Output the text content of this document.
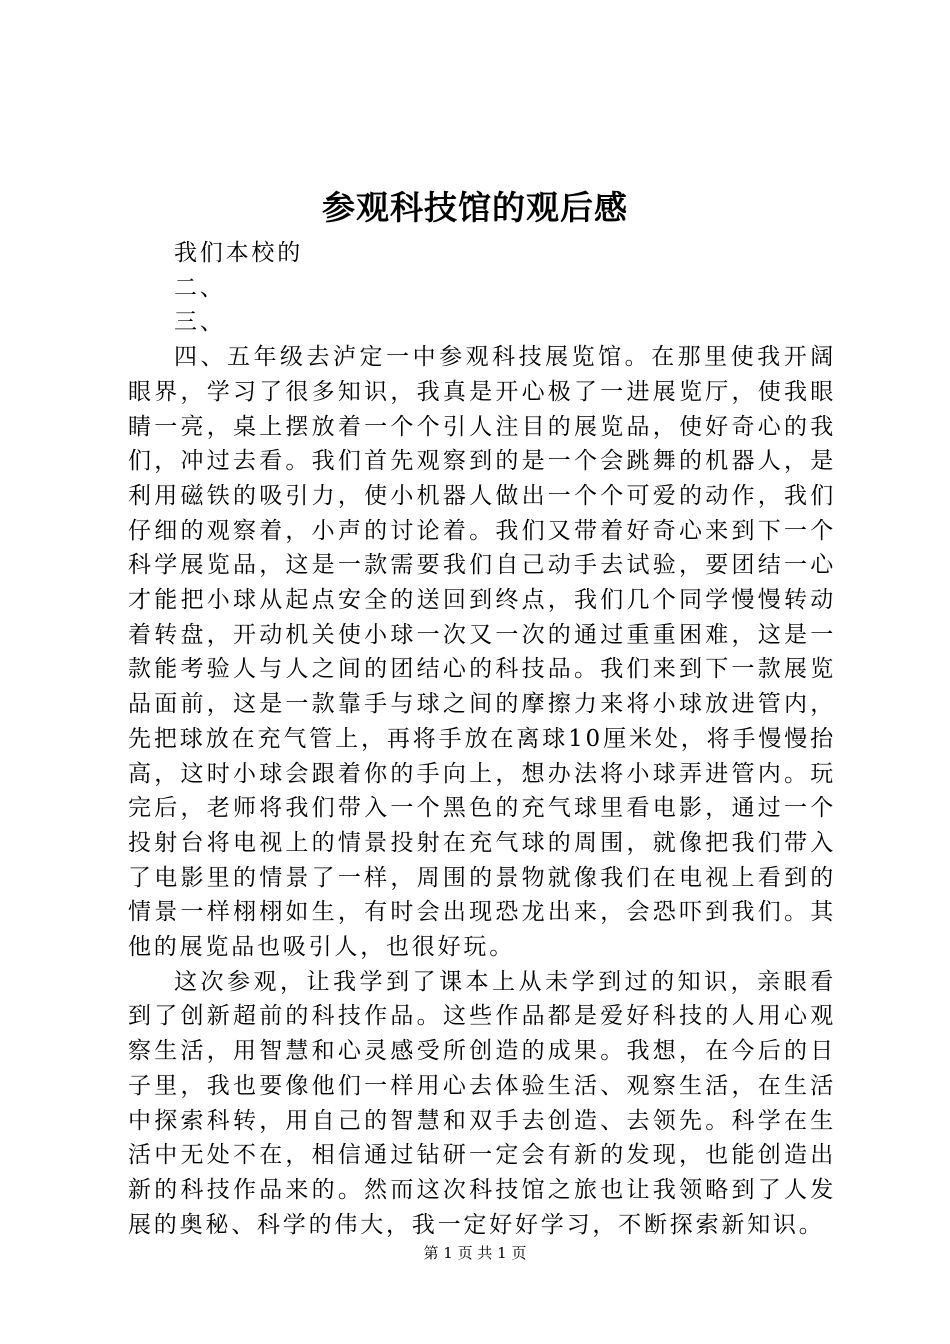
参观科技馆的观后感

我们本校的

二、

三、

四、五年级去泸定一中参观科技展览馆。在那里使我开阔眼界，学习了很多知识，我真是开心极了一进展览厅，使我眼睛一亮，桌上摆放着一个个引人注目的展览品，使好奇心的我们，冲过去看。我们首先观察到的是一个会跳舞的机器人，是利用磁铁的吸引力，使小机器人做出一个个可爱的动作，我们仔细的观察着，小声的讨论着。我们又带着好奇心来到下一个科学展览品，这是一款需要我们自己动手去试验，要团结一心才能把小球从起点安全的送回到终点，我们几个同学慢慢转动着转盘，开动机关使小球一次又一次的通过重重困难，这是一款能考验人与人之间的团结心的科技品。我们来到下一款展览品面前，这是一款靠手与球之间的摩擦力来将小球放进管内，先把球放在充气管上，再将手放在离球10厘米处，将手慢慢抬高，这时小球会跟着你的手向上，想办法将小球弄进管内。玩完后，老师将我们带入一个黑色的充气球里看电影，通过一个投射台将电视上的情景投射在充气球的周围，就像把我们带入了电影里的情景了一样，周围的景物就像我们在电视上看到的情景一样栩栩如生，有时会出现恐龙出来，会恐吓到我们。其他的展览品也吸引人，也很好玩。

这次参观，让我学到了课本上从未学到过的知识，亲眼看到了创新超前的科技作品。这些作品都是爱好科技的人用心观察生活，用智慧和心灵感受所创造的成果。我想，在今后的日子里，我也要像他们一样用心去体验生活、观察生活，在生活中探索科转，用自己的智慧和双手去创造、去领先。科学在生活中无处不在，相信通过钻研一定会有新的发现，也能创造出新的科技作品来的。然而这次科技馆之旅也让我领略到了人发展的奥秘、科学的伟大，我一定好好学习，不断探索新知识。

第 1 页 共 1 页
